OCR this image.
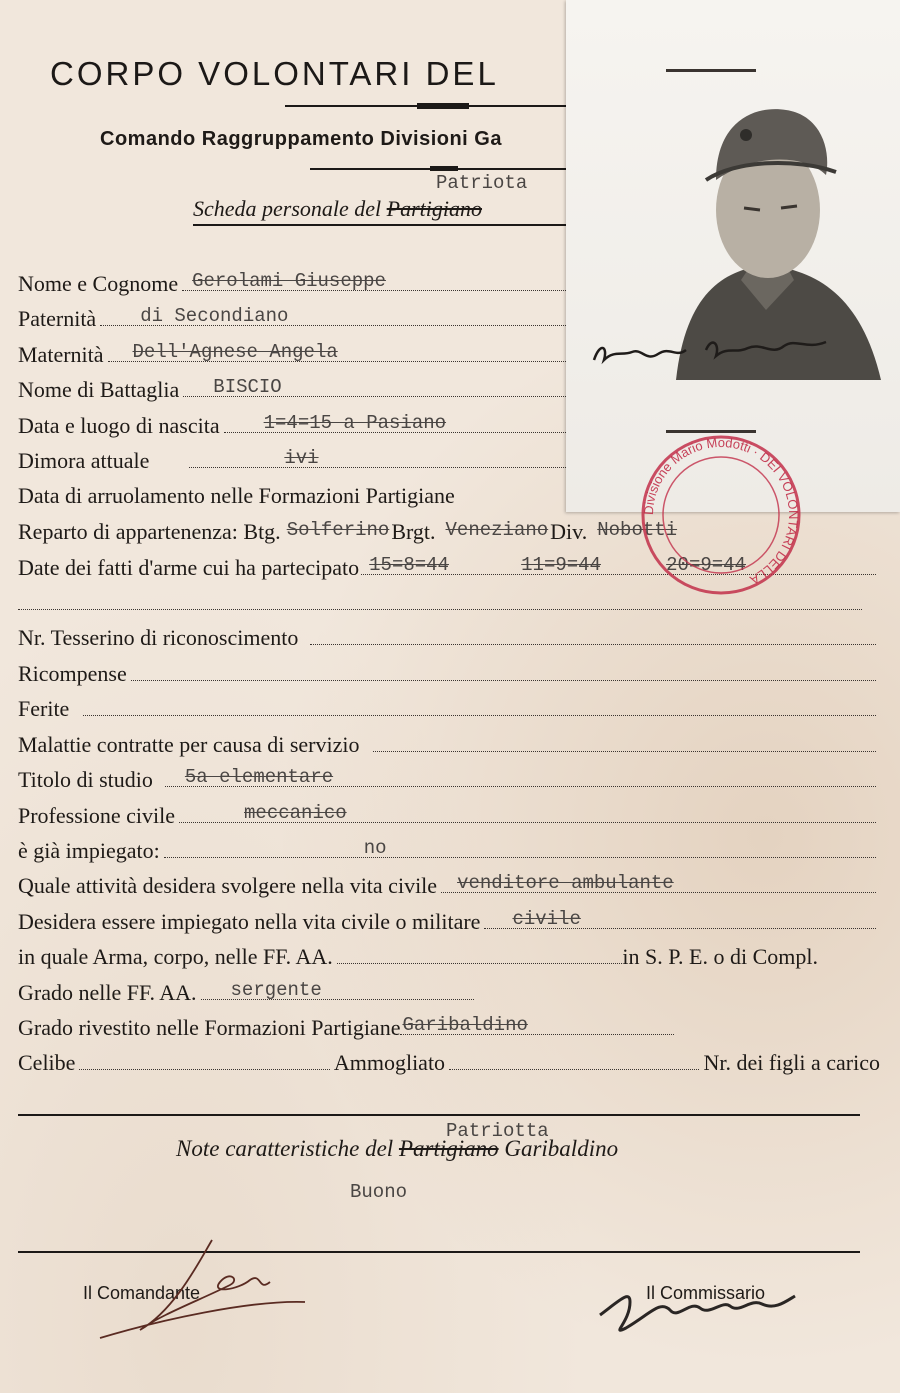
CORPO VOLONTARI DEL
Comando Raggruppamento Divisioni Ga
Patriota
Scheda personale del Partigiano
Nome e Cognome Gerolami Giuseppe
Paternità di Secondiano
Maternità Dell'Agnese Angela
Nome di Battaglia BISCIO
Data e luogo di nascita 1=4=15 a Pasiano
Dimora attuale	ivi
Data di arruolamento nelle Formazioni Partigiane
Reparto di appartenenza: Btg. Solferino Brgt. Veneziano Div. Nobotti
Date dei fatti d'arme cui ha partecipato 15=8=44	11=9=44	20=9=44
Nr. Tesserino di riconoscimento
Ricompense
Ferite
Malattie contratte per causa di servizio
Titolo di studio 5a elementare
Professione civile	meccanico
è già impiegato:	no
Quale attività desidera svolgere nella vita civile venditore ambulante
Desidera essere impiegato nella vita civile o militare civile
in quale Arma, corpo, nelle FF. AA.	in S. P. E. o di Compl.
Grado nelle FF. AA. sergente
Grado rivestito nelle Formazioni Partigiane Garibaldino
Celibe	Ammogliato	Nr. dei figli a carico
Patriotta
Note caratteristiche del Partigiano Garibaldino
Buono
Il Comandante	Il Commissario
Divisione Mario Modotti · DEI VOLONTARI DELLA
